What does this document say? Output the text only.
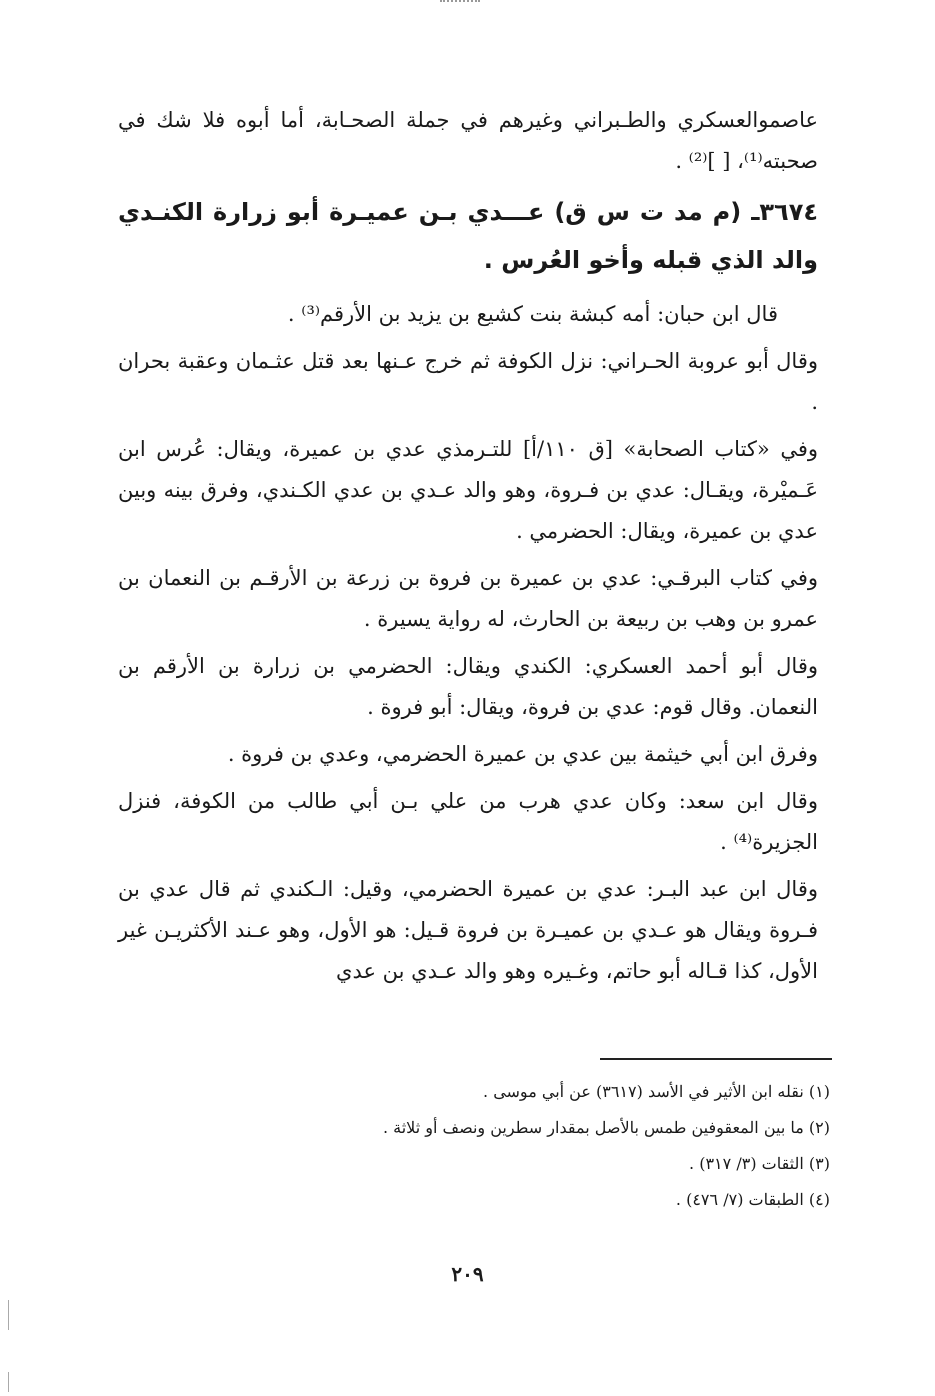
عاصموالعسكري والطـبراني وغيرهم في جملة الصحـابة، أما أبوه فلا شك في صحبته⁽¹⁾، [ ]⁽²⁾ .

٣٦٧٤ـ (م مد ت س ق) عـــدي بـن عميـرة أبو زرارة الكنـدي والد الذي قبله وأخو العُرس .

قال ابن حبان: أمه كبشة بنت كشيع بن يزيد بن الأرقم⁽³⁾ .

وقال أبو عروبة الحـراني: نزل الكوفة ثم خرج عـنها بعد قتل عثـمان وعقبة بحران .

وفي «كتاب الصحابة» [ق ١١٠/أ] للتـرمذي عدي بن عميرة، ويقال: عُرس ابن عَـميْرة، ويقـال: عدي بن فـروة، وهو والد عـدي بن عدي الكـندي، وفرق بينه وبين عدي بن عميرة، ويقال: الحضرمي .

وفي كتاب البرقـي: عدي بن عميرة بن فروة بن زرعة بن الأرقـم بن النعمان بن عمرو بن وهب بن ربيعة بن الحارث، له رواية يسيرة .

وقال أبو أحمد العسكري: الكندي ويقال: الحضرمي بن زرارة بن الأرقم بن النعمان. وقال قوم: عدي بن فروة، ويقال: أبو فروة .

وفرق ابن أبي خيثمة بين عدي بن عميرة الحضرمي، وعدي بن فروة .

وقال ابن سعد: وكان عدي هرب من علي بـن أبي طالب من الكوفة، فنزل الجزيرة⁽⁴⁾ .

وقال ابن عبد البـر: عدي بن عميرة الحضرمي، وقيل: الـكندي ثم قال عدي بن فـروة ويقال هو عـدي بن عميـرة بن فروة قـيل: هو الأول، وهو عـند الأكثريـن غير الأول، كذا قـاله أبو حاتم، وغـيره وهو والد عـدي بن عدي

(١) نقله ابن الأثير في الأسد (٣٦١٧) عن أبي موسى .

(٢) ما بين المعقوفين طمس بالأصل بمقدار سطرين ونصف أو ثلاثة .

(٣) الثقات (٣/ ٣١٧) .

(٤) الطبقات (٧/ ٤٧٦) .

٢٠٩
